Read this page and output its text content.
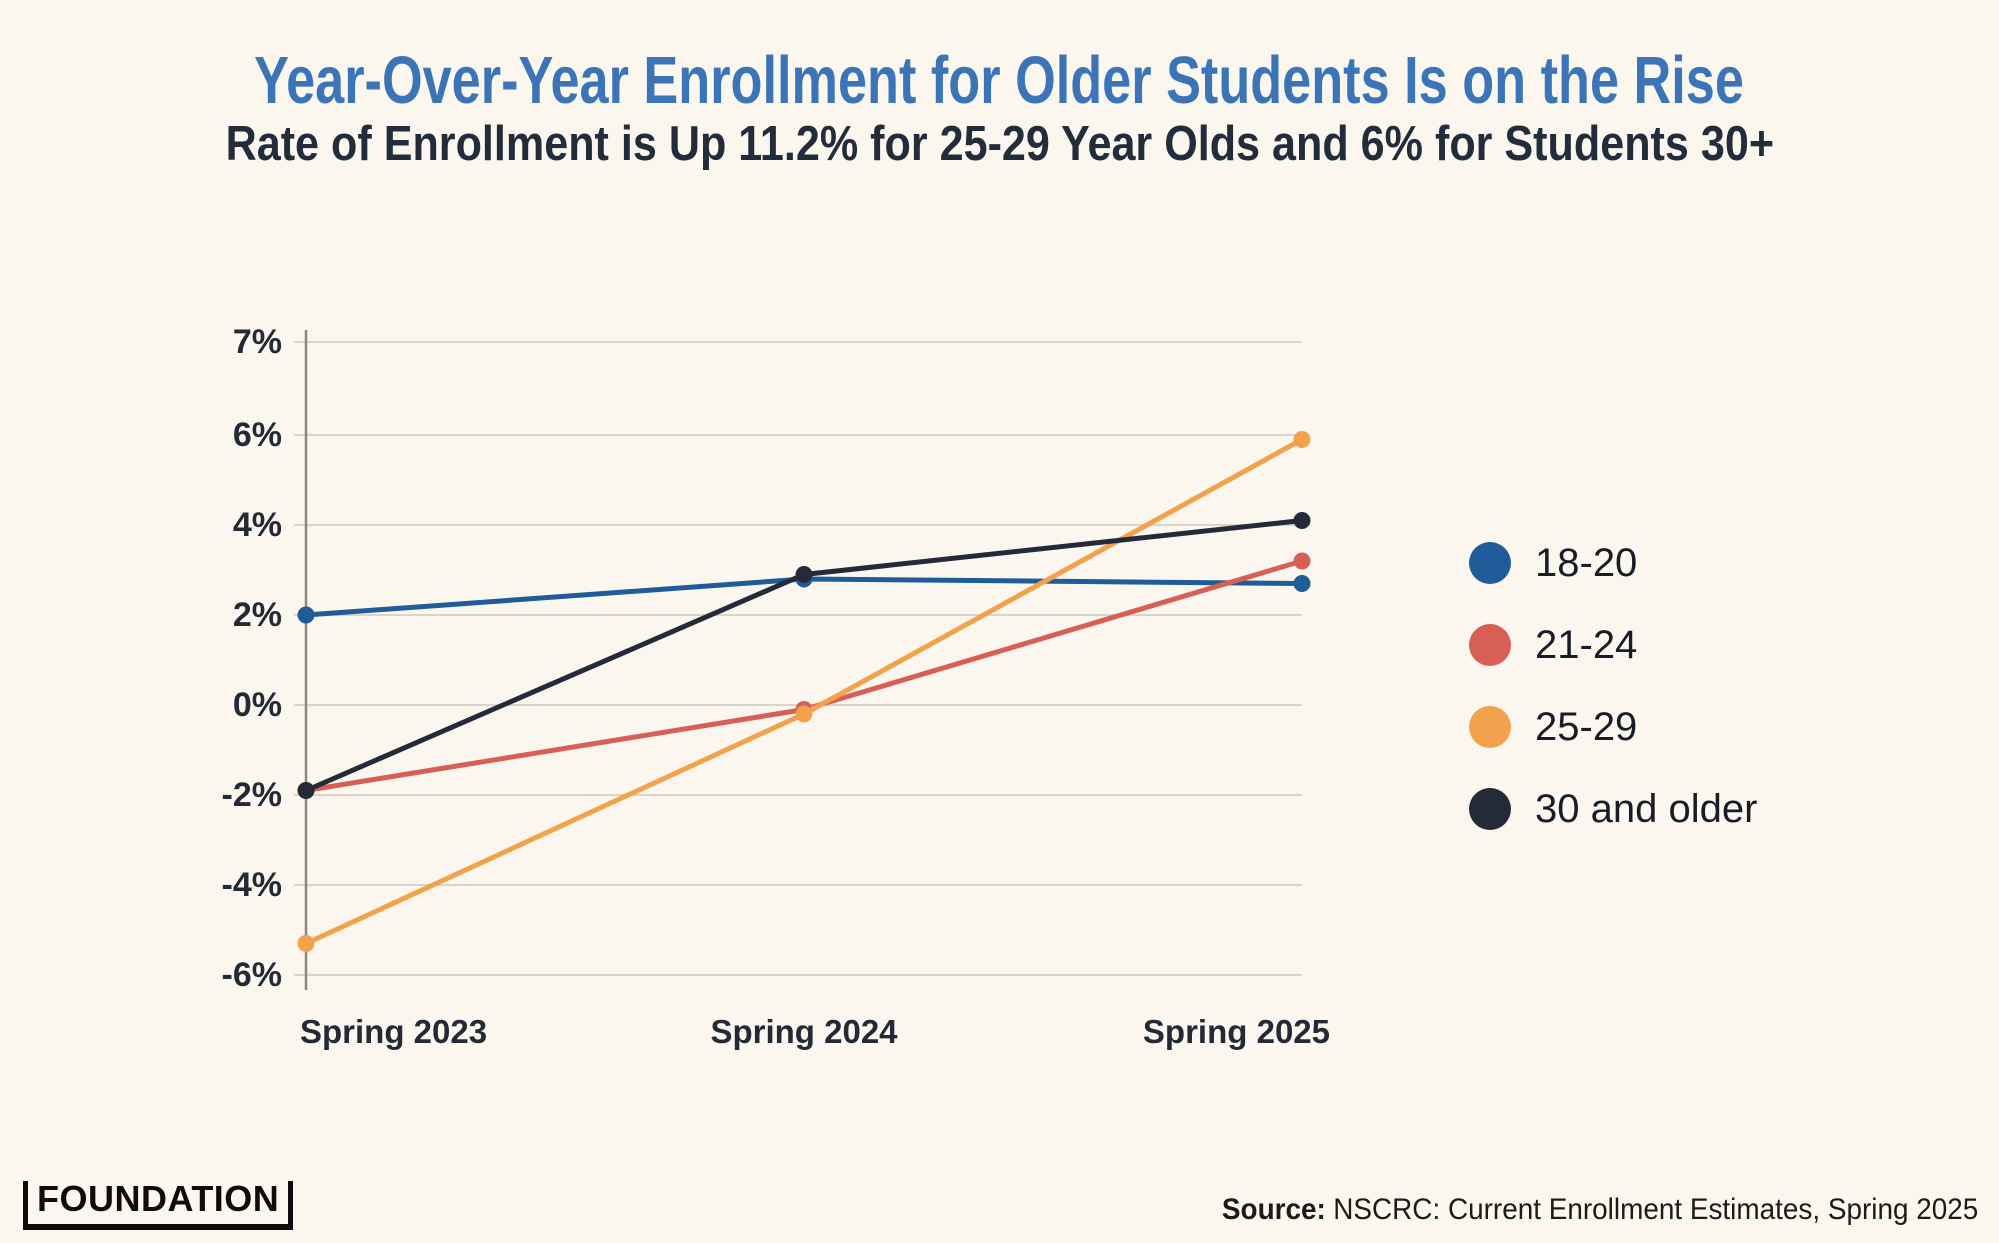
Year-Over-Year Enrollment for Older Students Is on the Rise
Rate of Enrollment is Up 11.2% for 25-29 Year Olds and 6% for Students 30+
7%
6%
4%
2%
0%
-2%
-4%
-6%
Spring 2023	Spring 2024	Spring 2025
18-20
21-24
25-29
30 and older
FOUNDATION	Source: NSCRC: Current Enrollment Estimates, Spring 2025
